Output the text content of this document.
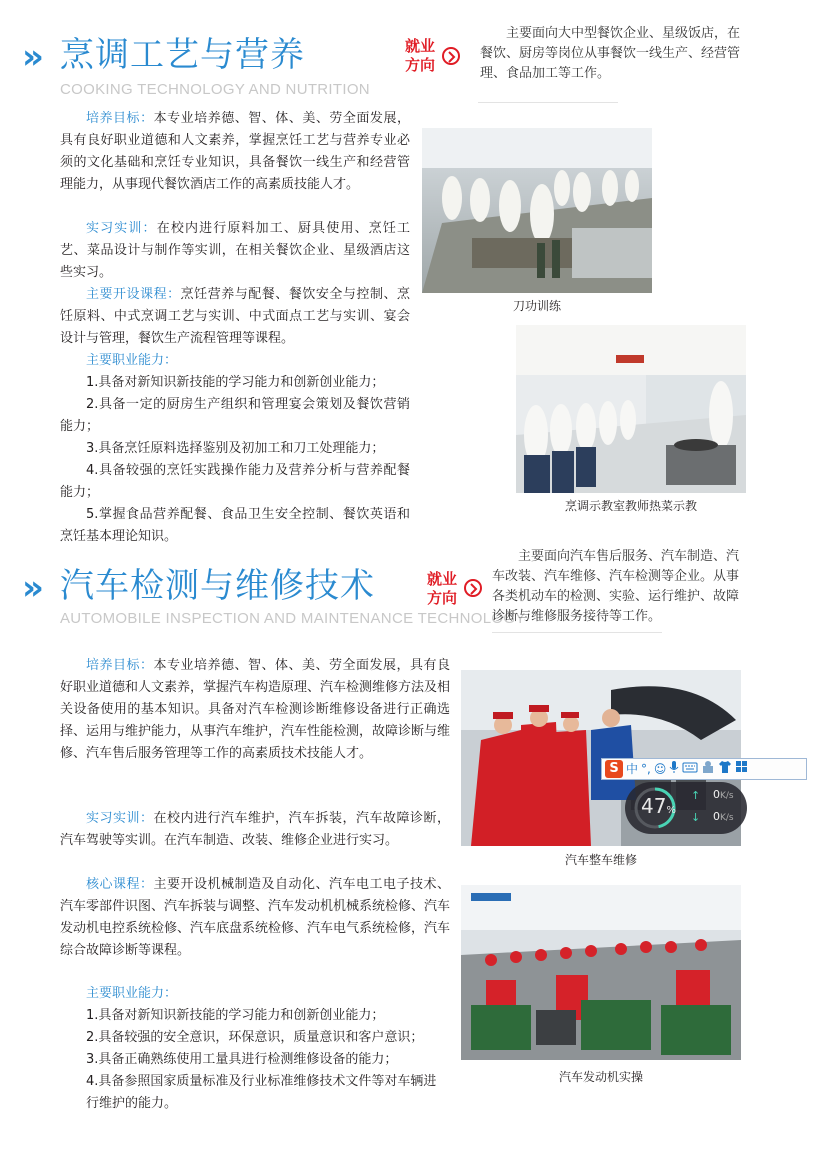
» 烹调工艺与营养
COOKING TECHNOLOGY AND NUTRITION
就业
方向
主要面向大中型餐饮企业、星级饭店，在餐饮、厨房等岗位从事餐饮一线生产、经营管理、食品加工等工作。
培养目标：本专业培养德、智、体、美、劳全面发展，具有良好职业道德和人文素养，掌握烹饪工艺与营养专业必须的文化基础和烹饪专业知识，具备餐饮一线生产和经营管理能力，从事现代餐饮酒店工作的高素质技能人才。
实习实训：在校内进行原料加工、厨具使用、烹饪工艺、菜品设计与制作等实训，在相关餐饮企业、星级酒店这些实习。
主要开设课程：烹饪营养与配餐、餐饮安全与控制、烹饪原料、中式烹调工艺与实训、中式面点工艺与实训、宴会设计与管理，餐饮生产流程管理等课程。
主要职业能力：
1.具备对新知识新技能的学习能力和创新创业能力；
2.具备一定的厨房生产组织和管理宴会策划及餐饮营销能力；
3.具备烹饪原料选择鉴别及初加工和刀工处理能力；
4.具备较强的烹饪实践操作能力及营养分析与营养配餐能力；
5.掌握食品营养配餐、食品卫生安全控制、餐饮英语和烹饪基本理论知识。
刀功训练
烹调示教室教师热菜示教
» 汽车检测与维修技术
AUTOMOBILE INSPECTION AND MAINTENANCE TECHNOLOGY
就业
方向
主要面向汽车售后服务、汽车制造、汽车改装、汽车维修、汽车检测等企业。从事各类机动车的检测、实验、运行维护、故障诊断与维修服务接待等工作。
培养目标：本专业培养德、智、体、美、劳全面发展，具有良好职业道德和人文素养，掌握汽车构造原理、汽车检测维修方法及相关设备使用的基本知识。具备对汽车检测诊断维修设备进行正确选择、运用与维护能力，从事汽车维护，汽车性能检测，故障诊断与维修、汽车售后服务管理等工作的高素质技术技能人才。
实习实训：在校内进行汽车维护，汽车拆装，汽车故障诊断，汽车驾驶等实训。在汽车制造、改装、维修企业进行实习。
核心课程：主要开设机械制造及自动化、汽车电工电子技术、汽车零部件识图、汽车拆装与调整、汽车发动机机械系统检修、汽车发动机电控系统检修、汽车底盘系统检修、汽车电气系统检修，汽车综合故障诊断等课程。
主要职业能力：
1.具备对新知识新技能的学习能力和创新创业能力；
2.具备较强的安全意识，环保意识，质量意识和客户意识；
3.具备正确熟练使用工量具进行检测维修设备的能力；
4.具备参照国家质量标准及行业标准维修技术文件等对车辆进行维护的能力。
汽车整车维修
汽车发动机实操
S 中 °, ☺
47%
↑
↓
0K/s
0K/s
